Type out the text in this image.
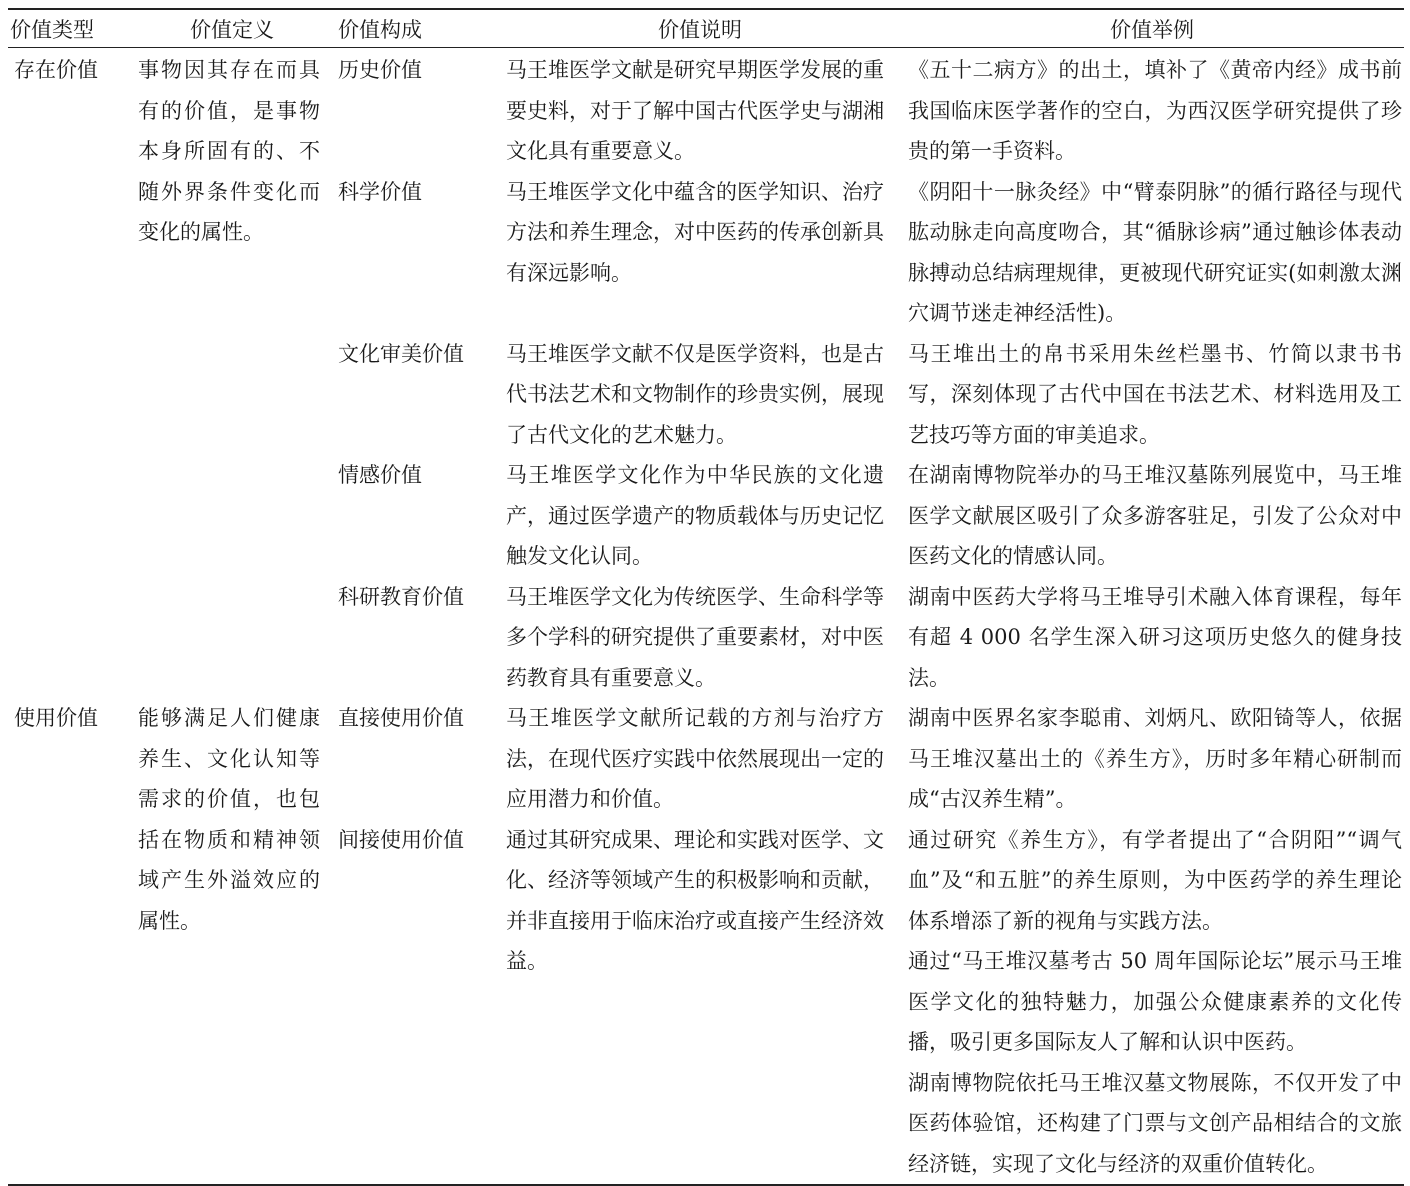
价值类型	价值定义	价值构成	价值说明	价值举例
存在价值	事物因其存在而具有的价值，是事物本身所固有的、不随外界条件变化而变化的属性。	历史价值	马王堆医学文献是研究早期医学发展的重要史料，对于了解中国古代医学史与湖湘文化具有重要意义。	《五十二病方》的出土，填补了《黄帝内经》成书前我国临床医学著作的空白，为西汉医学研究提供了珍贵的第一手资料。

		科学价值	马王堆医学文化中蕴含的医学知识、治疗方法和养生理念，对中医药的传承创新具有深远影响。	《阴阳十一脉灸经》中“臂泰阴脉”的循行路径与现代肱动脉走向高度吻合，其“循脉诊病”通过触诊体表动脉搏动总结病理规律，更被现代研究证实(如刺激太渊穴调节迷走神经活性)。

		文化审美价值	马王堆医学文献不仅是医学资料，也是古代书法艺术和文物制作的珍贵实例，展现了古代文化的艺术魅力。	马王堆出土的帛书采用朱丝栏墨书、竹简以隶书书写，深刻体现了古代中国在书法艺术、材料选用及工艺技巧等方面的审美追求。

		情感价值	马王堆医学文化作为中华民族的文化遗产，通过医学遗产的物质载体与历史记忆触发文化认同。	在湖南博物院举办的马王堆汉墓陈列展览中，马王堆医学文献展区吸引了众多游客驻足，引发了公众对中医药文化的情感认同。

		科研教育价值	马王堆医学文化为传统医学、生命科学等多个学科的研究提供了重要素材，对中医药教育具有重要意义。	湖南中医药大学将马王堆导引术融入体育课程，每年有超 4 000 名学生深入研习这项历史悠久的健身技法。

使用价值	能够满足人们健康养生、文化认知等需求的价值，也包括在物质和精神领域产生外溢效应的属性。	直接使用价值	马王堆医学文献所记载的方剂与治疗方法，在现代医疗实践中依然展现出一定的应用潜力和价值。	湖南中医界名家李聪甫、刘炳凡、欧阳锜等人，依据马王堆汉墓出土的《养生方》，历时多年精心研制而成“古汉养生精”。

		间接使用价值	通过其研究成果、理论和实践对医学、文化、经济等领域产生的积极影响和贡献，并非直接用于临床治疗或直接产生经济效益。	通过研究《养生方》，有学者提出了“合阴阳”“调气血”及“和五脏”的养生原则，为中医药学的养生理论体系增添了新的视角与实践方法。
通过“马王堆汉墓考古 50 周年国际论坛”展示马王堆医学文化的独特魅力，加强公众健康素养的文化传播，吸引更多国际友人了解和认识中医药。
湖南博物院依托马王堆汉墓文物展陈，不仅开发了中医药体验馆，还构建了门票与文创产品相结合的文旅经济链，实现了文化与经济的双重价值转化。
